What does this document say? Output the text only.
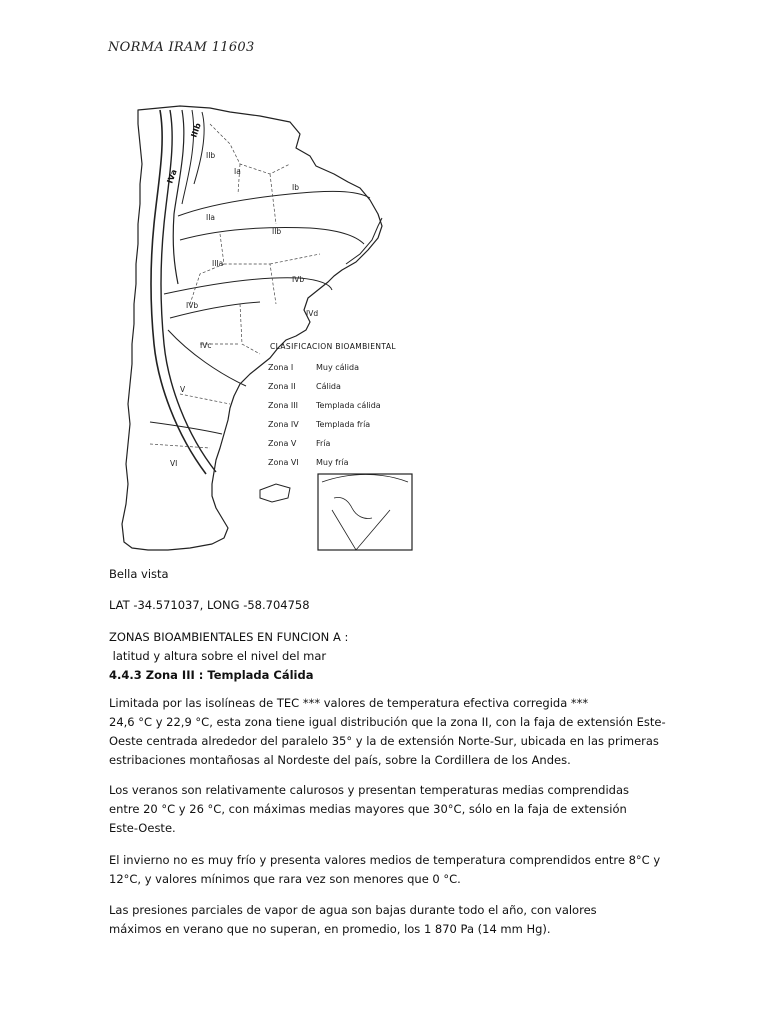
NORMA IRAM 11603
IIIb
IVa
IIb
Ia
Ib
IIa
IIb
IIIa
IVb
IVb
IVd
IVc
V
VI
CLASIFICACION BIOAMBIENTAL
Zona I	Muy cálida
Zona II	Cálida
Zona III Templada cálida
Zona IV Templada fría
Zona V Fría
Zona VI Muy fría
Bella vista
LAT -34.571037, LONG -58.704758

ZONAS BIOAMBIENTALES EN FUNCION A :

latitud y altura sobre el nivel del mar

4.4.3 Zona III : Templada Cálida

Limitada por las isolíneas de TEC *** valores de temperatura efectiva corregida ***

24,6 °C y 22,9 °C, esta zona tiene igual distribución que la zona II, con la faja de extensión Este-Oeste centrada alrededor del paralelo 35° y la de extensión Norte-Sur, ubicada en las primeras estribaciones montañosas al Nordeste del país, sobre la Cordillera de los Andes.

Los veranos son relativamente calurosos y presentan temperaturas medias comprendidas entre 20 °C y 26 °C, con máximas medias mayores que 30°C, sólo en la faja de extensión Este-Oeste.
El invierno no es muy frío y presenta valores medios de temperatura comprendidos entre 8°C y 12°C, y valores mínimos que rara vez son menores que 0 °C.
Las presiones parciales de vapor de agua son bajas durante todo el año, con valores máximos en verano que no superan, en promedio, los 1 870 Pa (14 mm Hg).
